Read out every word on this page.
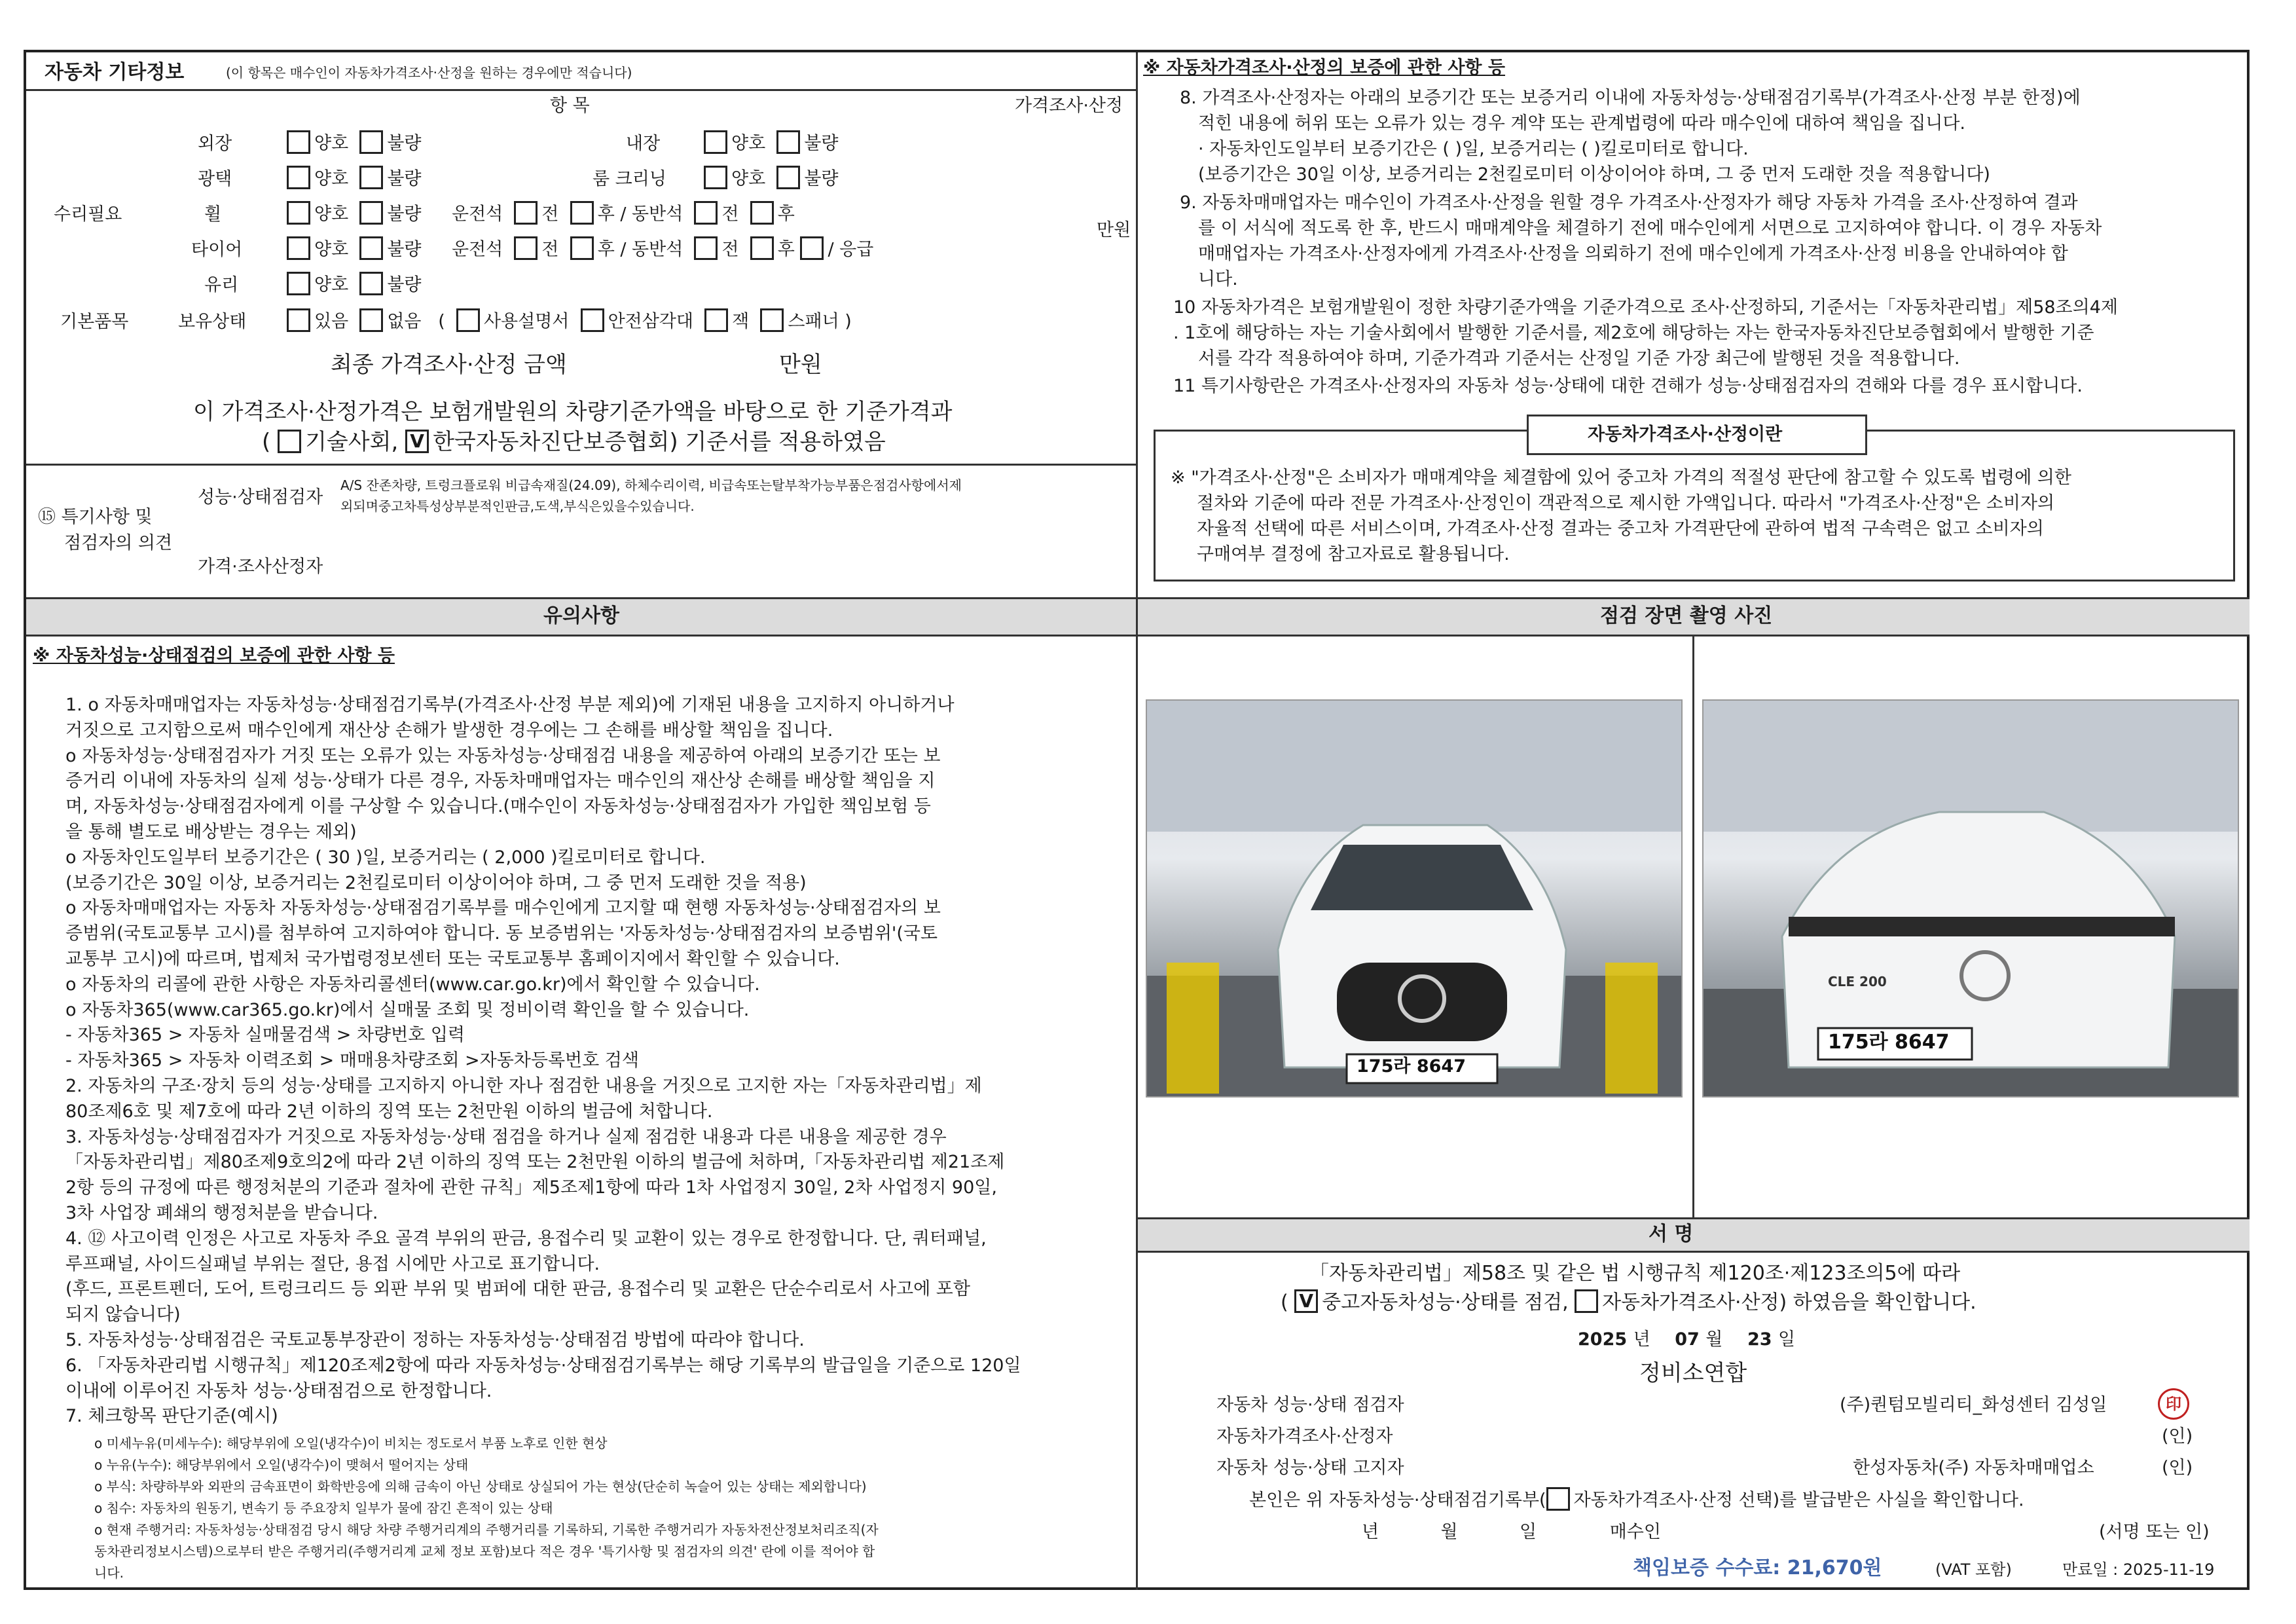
자동차 기타정보	(이 항목은 매수인이 자동차가격조사·산정을 원하는 경우에만 적습니다)
항 목	가격조사·산정
수리필요
만원
외장	양호 불량	내장	양호 불량
광택	양호 불량	룸 크리닝	양호 불량
휠	양호 불량 운전석 전 후 / 동반석 전 후
타이어	양호 불량 운전석 전 후 / 동반석 전 후 / 응급
유리	양호 불량
기본품목	보유상태	있음 없음   (  사용설명서 안전삼각대 잭 스패너 )
최종 가격조사·산정 금액	만원
이 가격조사·산정가격은 보험개발원의 차량기준가액을 바탕으로 한 기준가격과
( 기술사회, V 한국자동차진단보증협회) 기준서를 적용하였음
⑮ 특기사항 및
점검자의 의견
성능·상태점검자
A/S 잔존차량, 트렁크플로워 비급속재질(24.09), 하체수리이력, 비급속또는탈부착가능부품은점검사항에서제
외되며중고차특성상부분적인판금,도색,부식은있을수있습니다.
가격·조사산정자
※ 자동차가격조사·산정의 보증에 관한 사항 등
8. 가격조사·산정자는 아래의 보증기간 또는 보증거리 이내에 자동차성능·상태점검기록부(가격조사·산정 부분 한정)에
적힌 내용에 허위 또는 오류가 있는 경우 계약 또는 관계법령에 따라 매수인에 대하여 책임을 집니다.
· 자동차인도일부터 보증기간은 ( )일, 보증거리는 ( )킬로미터로 합니다.
(보증기간은 30일 이상, 보증거리는 2천킬로미터 이상이어야 하며, 그 중 먼저 도래한 것을 적용합니다)
9. 자동차매매업자는 매수인이 가격조사·산정을 원할 경우 가격조사·산정자가 해당 자동차 가격을 조사·산정하여 결과
를 이 서식에 적도록 한 후, 반드시 매매계약을 체결하기 전에 매수인에게 서면으로 고지하여야 합니다. 이 경우 자동차
매매업자는 가격조사·산정자에게 가격조사·산정을 의뢰하기 전에 매수인에게 가격조사·산정 비용을 안내하여야 합
니다.
10 자동차가격은 보험개발원이 정한 차량기준가액을 기준가격으로 조사·산정하되, 기준서는「자동차관리법」제58조의4제
. 1호에 해당하는 자는 기술사회에서 발행한 기준서를, 제2호에 해당하는 자는 한국자동차진단보증협회에서 발행한 기준
서를 각각 적용하여야 하며, 기준가격과 기준서는 산정일 기준 가장 최근에 발행된 것을 적용합니다.
11 특기사항란은 가격조사·산정자의 자동차 성능·상태에 대한 견해가 성능·상태점검자의 견해와 다를 경우 표시합니다.
자동차가격조사·산정이란
※ "가격조사·산정"은 소비자가 매매계약을 체결함에 있어 중고차 가격의 적절성 판단에 참고할 수 있도록 법령에 의한
절차와 기준에 따라 전문 가격조사·산정인이 객관적으로 제시한 가액입니다. 따라서 "가격조사·산정"은 소비자의
자율적 선택에 따른 서비스이며, 가격조사·산정 결과는 중고차 가격판단에 관하여 법적 구속력은 없고 소비자의
구매여부 결정에 참고자료로 활용됩니다.
유의사항
※ 자동차성능·상태점검의 보증에 관한 사항 등
1. ο 자동차매매업자는 자동차성능·상태점검기록부(가격조사·산정 부분 제외)에 기재된 내용을 고지하지 아니하거나
거짓으로 고지함으로써 매수인에게 재산상 손해가 발생한 경우에는 그 손해를 배상할 책임을 집니다.
ο 자동차성능·상태점검자가 거짓 또는 오류가 있는 자동차성능·상태점검 내용을 제공하여 아래의 보증기간 또는 보
증거리 이내에 자동차의 실제 성능·상태가 다른 경우, 자동차매매업자는 매수인의 재산상 손해를 배상할 책임을 지
며, 자동차성능·상태점검자에게 이를 구상할 수 있습니다.(매수인이 자동차성능·상태점검자가 가입한 책임보험 등
을 통해 별도로 배상받는 경우는 제외)
ο 자동차인도일부터 보증기간은 ( 30 )일, 보증거리는 ( 2,000 )킬로미터로 합니다.
(보증기간은 30일 이상, 보증거리는 2천킬로미터 이상이어야 하며, 그 중 먼저 도래한 것을 적용)
ο 자동차매매업자는 자동차 자동차성능·상태점검기록부를 매수인에게 고지할 때 현행 자동차성능·상태점검자의 보
증범위(국토교통부 고시)를 첨부하여 고지하여야 합니다. 동 보증범위는 '자동차성능·상태점검자의 보증범위'(국토
교통부 고시)에 따르며, 법제처 국가법령정보센터 또는 국토교통부 홈페이지에서 확인할 수 있습니다.
ο 자동차의 리콜에 관한 사항은 자동차리콜센터(www.car.go.kr)에서 확인할 수 있습니다.
ο 자동차365(www.car365.go.kr)에서 실매물 조회 및 정비이력 확인을 할 수 있습니다.
- 자동차365 > 자동차 실매물검색 > 차량번호 입력
- 자동차365 > 자동차 이력조회 > 매매용차량조회 >자동차등록번호 검색
2. 자동차의 구조·장치 등의 성능·상태를 고지하지 아니한 자나 점검한 내용을 거짓으로 고지한 자는「자동차관리법」제
80조제6호 및 제7호에 따라 2년 이하의 징역 또는 2천만원 이하의 벌금에 처합니다.
3. 자동차성능·상태점검자가 거짓으로 자동차성능·상태 점검을 하거나 실제 점검한 내용과 다른 내용을 제공한 경우
「자동차관리법」제80조제9호의2에 따라 2년 이하의 징역 또는 2천만원 이하의 벌금에 처하며,「자동차관리법 제21조제
2항 등의 규정에 따른 행정처분의 기준과 절차에 관한 규칙」제5조제1항에 따라 1차 사업정지 30일, 2차 사업정지 90일,
3차 사업장 폐쇄의 행정처분을 받습니다.
4. ⑫ 사고이력 인정은 사고로 자동차 주요 골격 부위의 판금, 용접수리 및 교환이 있는 경우로 한정합니다. 단, 쿼터패널,
루프패널, 사이드실패널 부위는 절단, 용접 시에만 사고로 표기합니다.
(후드, 프론트펜더, 도어, 트렁크리드 등 외판 부위 및 범퍼에 대한 판금, 용접수리 및 교환은 단순수리로서 사고에 포함
되지 않습니다)
5. 자동차성능·상태점검은 국토교통부장관이 정하는 자동차성능·상태점검 방법에 따라야 합니다.
6. 「자동차관리법 시행규칙」제120조제2항에 따라 자동차성능·상태점검기록부는 해당 기록부의 발급일을 기준으로 120일
이내에 이루어진 자동차 성능·상태점검으로 한정합니다.
7. 체크항목 판단기준(예시)
ο 미세누유(미세누수): 해당부위에 오일(냉각수)이 비치는 정도로서 부품 노후로 인한 현상
ο 누유(누수): 해당부위에서 오일(냉각수)이 맺혀서 떨어지는 상태
ο 부식: 차량하부와 외판의 금속표면이 화학반응에 의해 금속이 아닌 상태로 상실되어 가는 현상(단순히 녹슬어 있는 상태는 제외합니다)
ο 침수: 자동차의 원동기, 변속기 등 주요장치 일부가 물에 잠긴 흔적이 있는 상태
ο 현재 주행거리: 자동차성능·상태점검 당시 해당 차량 주행거리계의 주행거리를 기록하되, 기록한 주행거리가 자동차전산정보처리조직(자
동차관리정보시스템)으로부터 받은 주행거리(주행거리계 교체 정보 포함)보다 적은 경우 '특기사항 및 점검자의 의견' 란에 이를 적어야 합
니다.
점검 장면 촬영 사진
175라 8647
CLE 200
175라 8647
서 명
「자동차관리법」제58조 및 같은 법 시행규칙 제120조·제123조의5에 따라
( V 중고자동차성능·상태를 점검, 자동차가격조사·산정) 하였음을 확인합니다.
2025 년 07 월 23 일
정비소연합
자동차 성능·상태 점검자	(주)퀀텀모빌리티_화성센터 김성일	印
자동차가격조사·산정자	(인)
자동차 성능·상태 고지자	한성자동차(주) 자동차매매업소	(인)
본인은 위 자동차성능·상태점검기록부( 자동차가격조사·산정 선택)를 발급받은 사실을 확인합니다.
년	월	일	매수인	(서명 또는 인)
책임보증 수수료: 21,670원	(VAT 포함)	만료일 : 2025-11-19
